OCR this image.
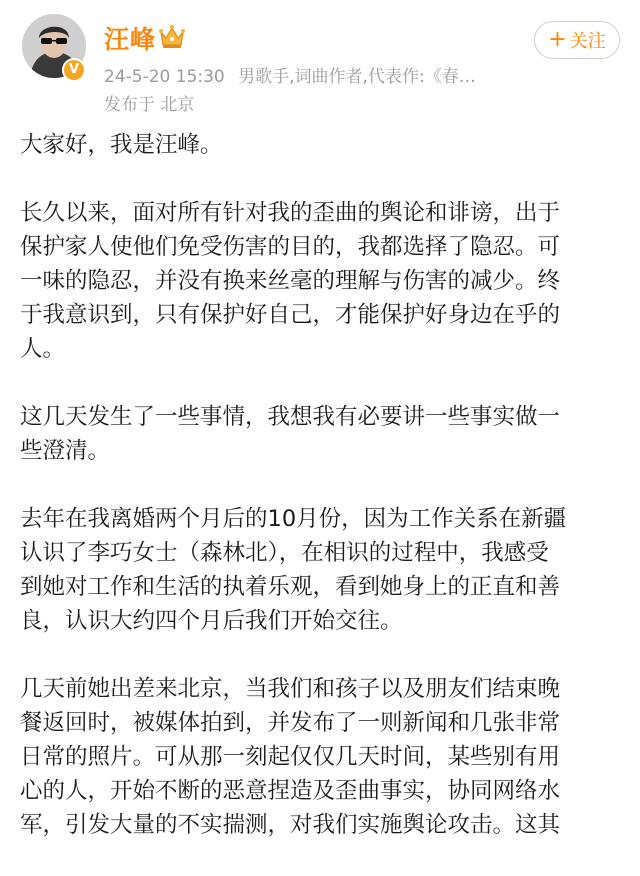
V
汪峰
24-5-20 15:30 男歌手,词曲作者,代表作:《春…
发布于 北京
+ 关注

大家好，我是汪峰。

长久以来，面对所有针对我的歪曲的舆论和诽谤，出于
保护家人使他们免受伤害的目的，我都选择了隐忍。可
一味的隐忍，并没有换来丝毫的理解与伤害的减少。终
于我意识到，只有保护好自己，才能保护好身边在乎的
人。

这几天发生了一些事情，我想我有必要讲一些事实做一
些澄清。

去年在我离婚两个月后的10月份，因为工作关系在新疆
认识了李巧女士（森林北），在相识的过程中，我感受
到她对工作和生活的执着乐观，看到她身上的正直和善
良，认识大约四个月后我们开始交往。

几天前她出差来北京，当我们和孩子以及朋友们结束晚
餐返回时，被媒体拍到，并发布了一则新闻和几张非常
日常的照片。可从那一刻起仅仅几天时间，某些别有用
心的人，开始不断的恶意捏造及歪曲事实，协同网络水
军，引发大量的不实揣测，对我们实施舆论攻击。这其
